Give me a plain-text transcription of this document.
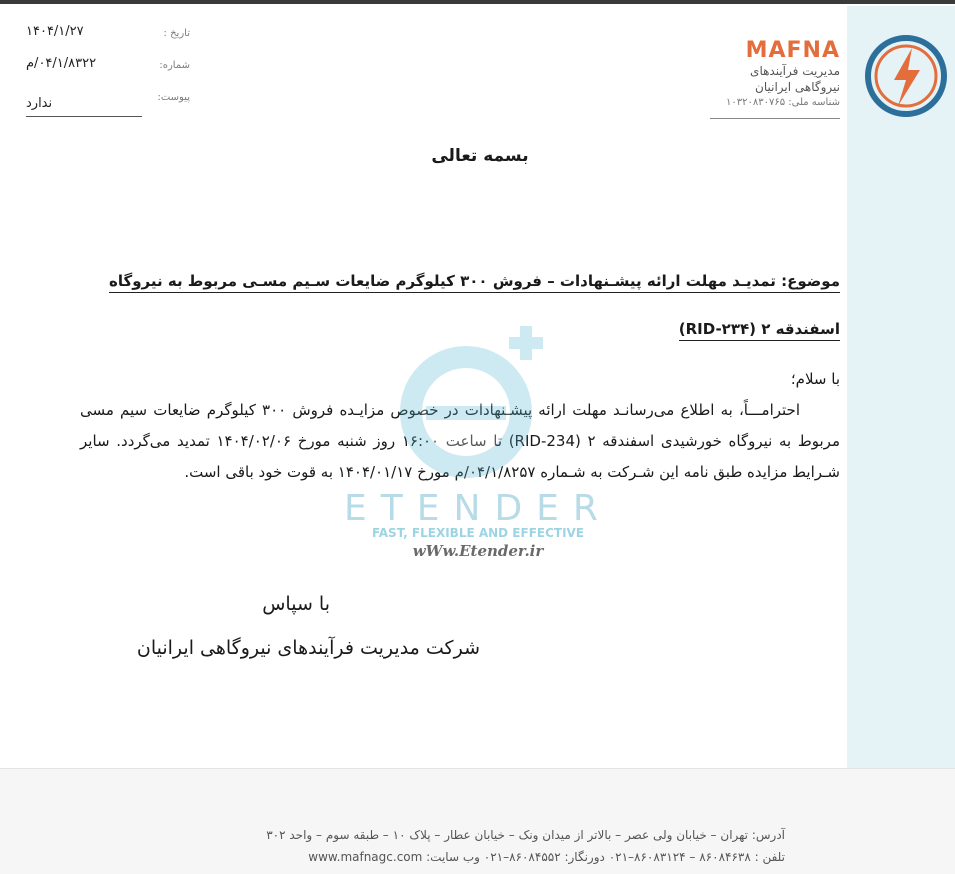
۱۴۰۴/۱/۲۷	تاریخ :
۰۴/۱/۸۳۲۲/م	شماره:
ندارد	پیوست:
MAFNA
مدیریت فرآیندهای
نیروگاهی ایرانیان
شناسه ملی: ۱۰۳۲۰۸۳۰۷۶۵
بسمه تعالی
موضوع: تمدیـد مهلت ارائه پیشـنهادات – فروش ۳۰۰ کیلوگرم ضایعات سـیم مسـی مربوط به نیروگاه
اسفندقه ۲ (RID-۲۳۴)

با سلام؛

احترامـــاً، به اطلاع می‌رسانـد مهلت ارائه پیشـنهادات در خصوص مزایـده فروش ۳۰۰ کیلوگرم ضایعات سیم مسی مربوط به نیروگاه خورشیدی اسفندقه ۲ (RID-234) تا ساعت ۱۶:۰۰ روز شنبه مورخ ۱۴۰۴/۰۲/۰۶ تمدید می‌گردد. سایر شـرایط مزایده طبق نامه این شـرکت به شـماره ۰۴/۱/۸۲۵۷/م مورخ ۱۴۰۴/۰۱/۱۷ به قوت خود باقی است.

با سپاس
شرکت مدیریت فرآیندهای نیروگاهی ایرانیان
ETENDER
FAST, FLEXIBLE AND EFFECTIVE
wWw.Etender.ir
آدرس: تهران – خیابان ولی عصر – بالاتر از میدان ونک – خیابان عطار – پلاک ۱۰ – طبقه سوم – واحد ۳۰۲
تلفن : ۸۶۰۸۴۶۳۸ – ۸۶۰۸۳۱۲۴–۰۲۱ دورنگار: ۸۶۰۸۴۵۵۲–۰۲۱ وب سایت: www.mafnagc.com
